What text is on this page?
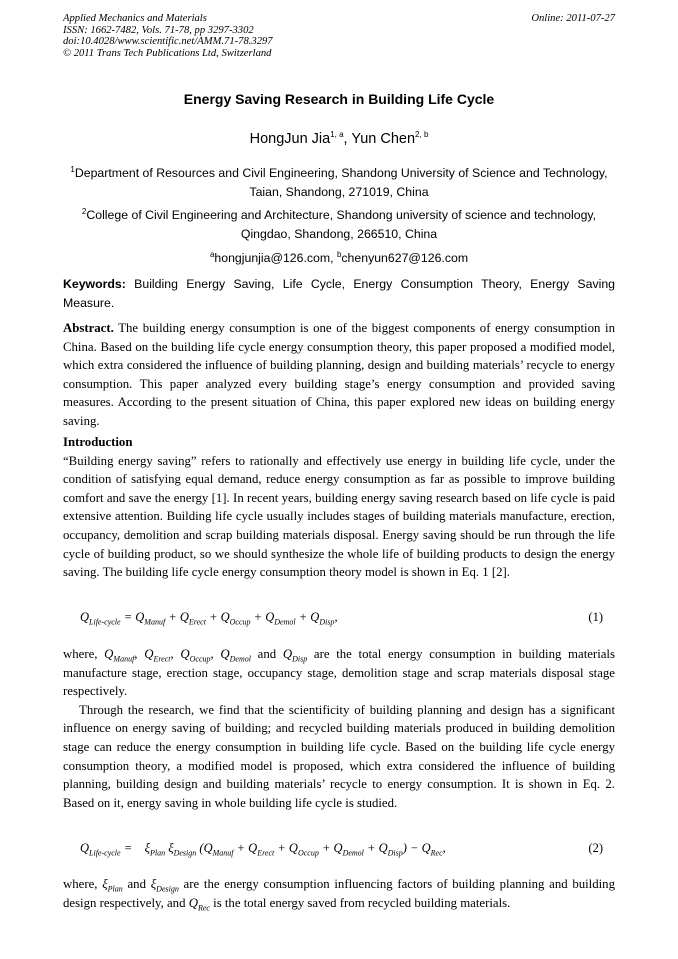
Applied Mechanics and Materials
ISSN: 1662-7482, Vols. 71-78, pp 3297-3302
doi:10.4028/www.scientific.net/AMM.71-78.3297
© 2011 Trans Tech Publications Ltd, Switzerland
Online: 2011-07-27
Energy Saving Research in Building Life Cycle
HongJun Jia$^{1, a}$, Yun Chen$^{2, b}$
$^1$Department of Resources and Civil Engineering, Shandong University of Science and Technology,
Taian, Shandong, 271019, China
$^2$College of Civil Engineering and Architecture, Shandong university of science and technology,
Qingdao, Shandong, 266510, China
$^a$hongjunjia@126.com, $^b$chenyun627@126.com
Keywords: Building Energy Saving, Life Cycle, Energy Consumption Theory, Energy Saving Measure.

Abstract. The building energy consumption is one of the biggest components of energy consumption in China. Based on the building life cycle energy consumption theory, this paper proposed a modified model, which extra considered the influence of building planning, design and building materials’ recycle to energy consumption. This paper analyzed every building stage’s energy consumption and provided saving measures. According to the present situation of China, this paper explored new ideas on building energy saving.

Introduction

“Building energy saving” refers to rationally and effectively use energy in building life cycle, under the condition of satisfying equal demand, reduce energy consumption as far as possible to improve building comfort and save the energy [1]. In recent years, building energy saving research based on life cycle is paid extensive attention. Building life cycle usually includes stages of building materials manufacture, erection, occupancy, demolition and scrap building materials disposal. Energy saving should be run through the life cycle of building product, so we should synthesize the whole life of building products to design the energy saving. The building life cycle energy consumption theory model is shown in Eq. 1 [2].

$Q_{Life-cycle} = Q_{Manuf} + Q_{Erect} + Q_{Occup} + Q_{Demol} + Q_{Disp}$,	(1)

where, $Q_{Manuf}$, $Q_{Erect}$, $Q_{Occup}$, $Q_{Demol}$ and $Q_{Disp}$ are the total energy consumption in building materials manufacture stage, erection stage, occupancy stage, demolition stage and scrap materials disposal stage respectively.

Through the research, we find that the scientificity of building planning and design has a significant influence on energy saving of building; and recycled building materials produced in building demolition stage can reduce the energy consumption in building life cycle. Based on the building life cycle energy consumption theory, a modified model is proposed, which extra considered the influence of building planning, building design and building materials’ recycle to energy consumption. It is shown in Eq. 2. Based on it, energy saving in whole building life cycle is studied.

$Q_{Life-cycle}$ =    $\xi_{Plan}$ $\xi_{Design}$ $(Q_{Manuf} + Q_{Erect} + Q_{Occup} + Q_{Demol} + Q_{Disp}) - Q_{Rec}$,	(2)

where, $\xi_{Plan}$ and $\xi_{Design}$ are the energy consumption influencing factors of building planning and building design respectively, and $Q_{Rec}$ is the total energy saved from recycled building materials.
